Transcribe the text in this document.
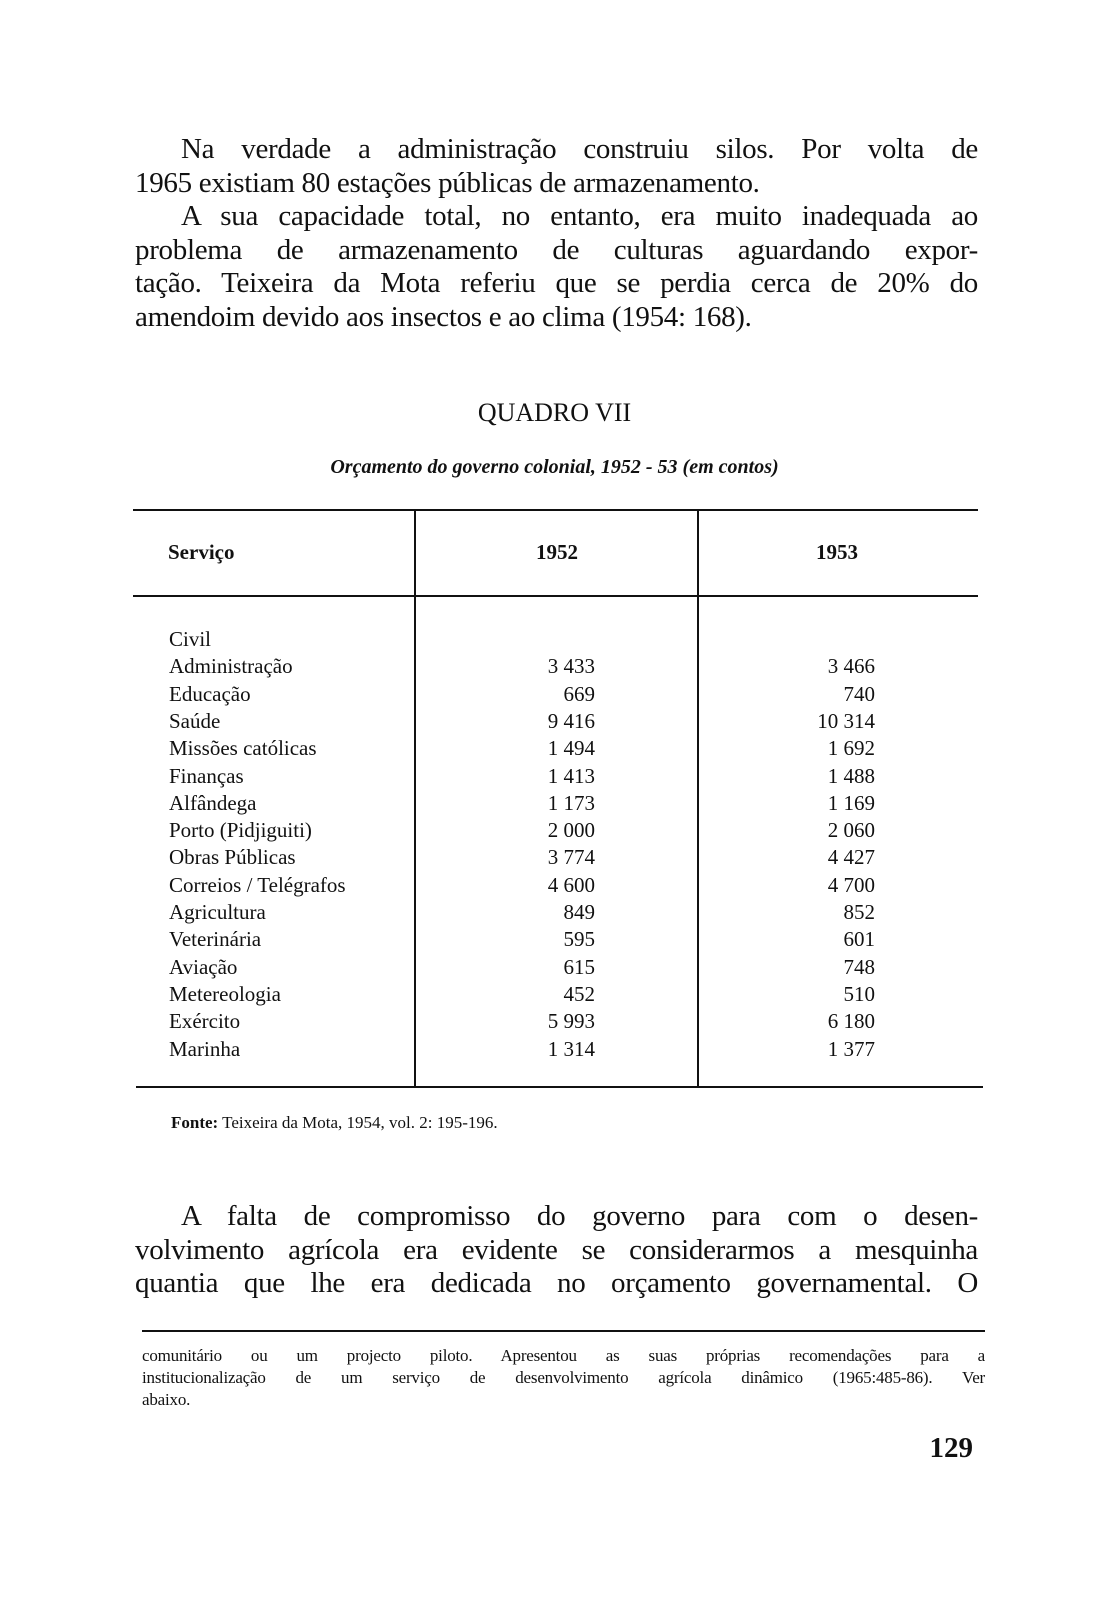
Na verdade a administração construiu silos. Por volta de
1965 existiam 80 estações públicas de armazenamento.
A sua capacidade total, no entanto, era muito inadequada ao
problema de armazenamento de culturas aguardando expor-
tação. Teixeira da Mota referiu que se perdia cerca de 20% do
amendoim devido aos insectos e ao clima (1954: 168).
QUADRO VII
Orçamento do governo colonial, 1952 - 53 (em contos)
Serviço	1952	1953
Civil
Administração	3 433	3 466
Educação	669	740
Saúde	9 416	10 314
Missões católicas	1 494	1 692
Finanças	1 413	1 488
Alfândega	1 173	1 169
Porto (Pidjiguiti)	2 000	2 060
Obras Públicas	3 774	4 427
Correios / Telégrafos	4 600	4 700
Agricultura	849	852
Veterinária	595	601
Aviação	615	748
Metereologia	452	510
Exército	5 993	6 180
Marinha	1 314	1 377
Fonte: Teixeira da Mota, 1954, vol. 2: 195-196.
A falta de compromisso do governo para com o desen-
volvimento agrícola era evidente se considerarmos a mesquinha
quantia que lhe era dedicada no orçamento governamental. O
comunitário ou um projecto piloto. Apresentou as suas próprias recomendações para a
institucionalização de um serviço de desenvolvimento agrícola dinâmico (1965:485-86). Ver
abaixo.
129
